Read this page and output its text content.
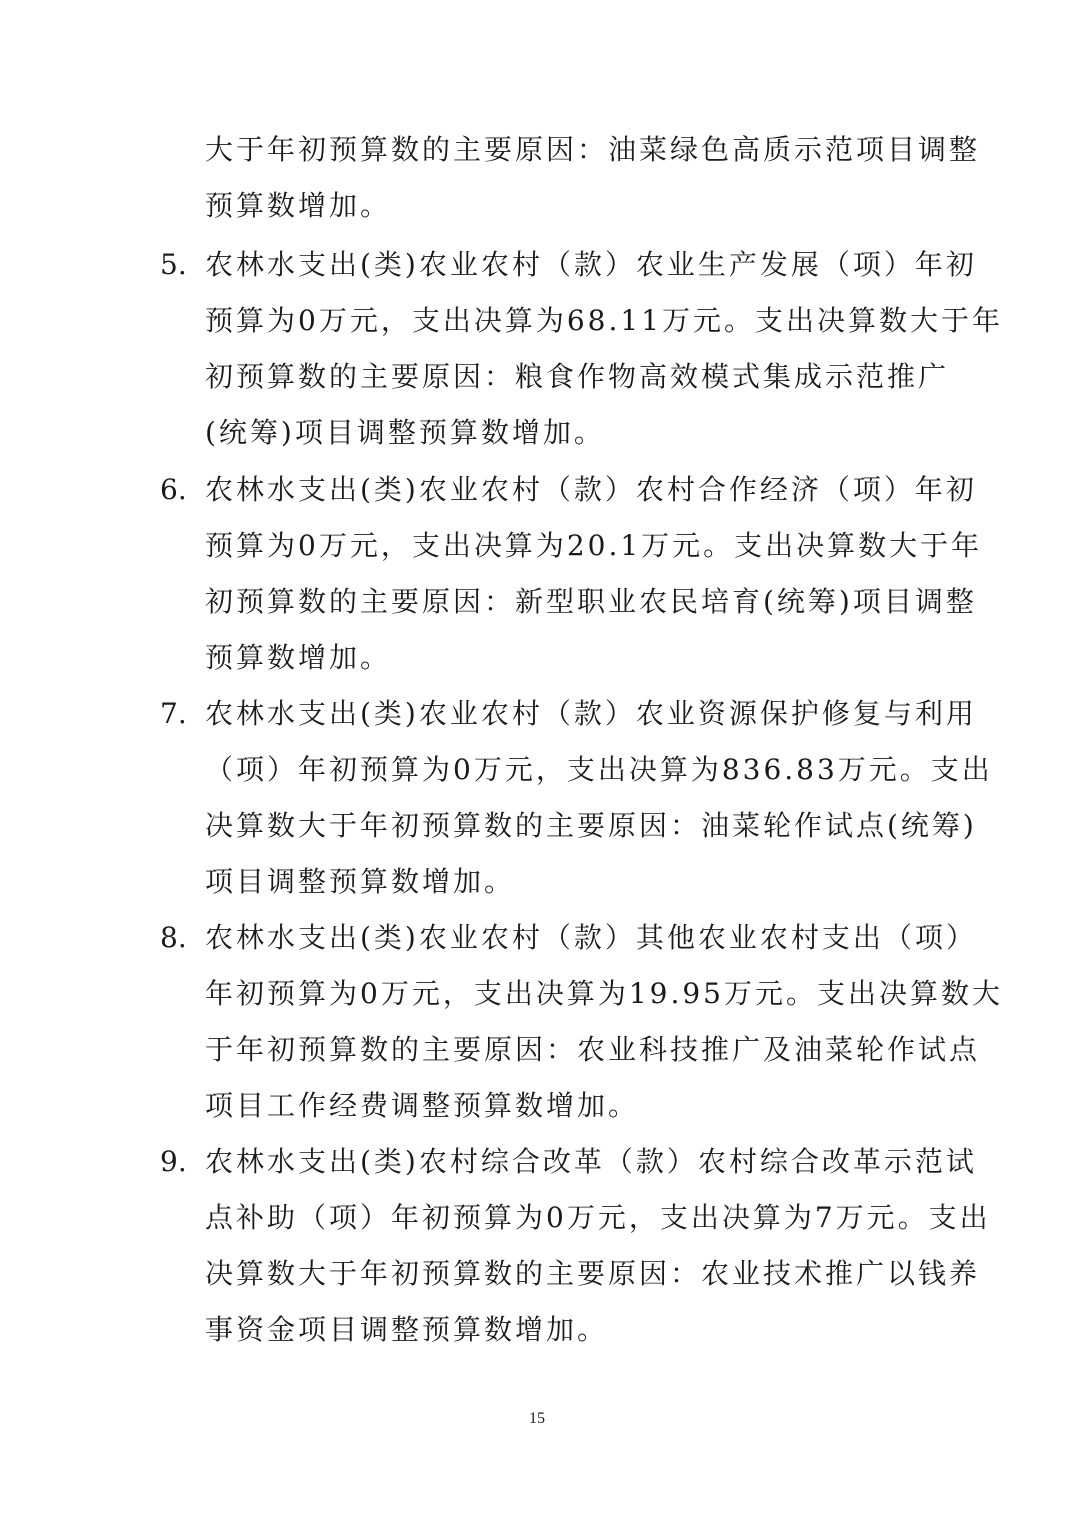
大于年初预算数的主要原因：油菜绿色高质示范项目调整
预算数增加。
5. 农林水支出(类)农业农村（款）农业生产发展（项）年初
预算为0万元，支出决算为68.11万元。支出决算数大于年
初预算数的主要原因：粮食作物高效模式集成示范推广
(统筹)项目调整预算数增加。
6. 农林水支出(类)农业农村（款）农村合作经济（项）年初
预算为0万元，支出决算为20.1万元。支出决算数大于年
初预算数的主要原因：新型职业农民培育(统筹)项目调整
预算数增加。
7. 农林水支出(类)农业农村（款）农业资源保护修复与利用
（项）年初预算为0万元，支出决算为836.83万元。支出
决算数大于年初预算数的主要原因：油菜轮作试点(统筹)
项目调整预算数增加。
8. 农林水支出(类)农业农村（款）其他农业农村支出（项）
年初预算为0万元，支出决算为19.95万元。支出决算数大
于年初预算数的主要原因：农业科技推广及油菜轮作试点
项目工作经费调整预算数增加。
9. 农林水支出(类)农村综合改革（款）农村综合改革示范试
点补助（项）年初预算为0万元，支出决算为7万元。支出
决算数大于年初预算数的主要原因：农业技术推广以钱养
事资金项目调整预算数增加。
15
